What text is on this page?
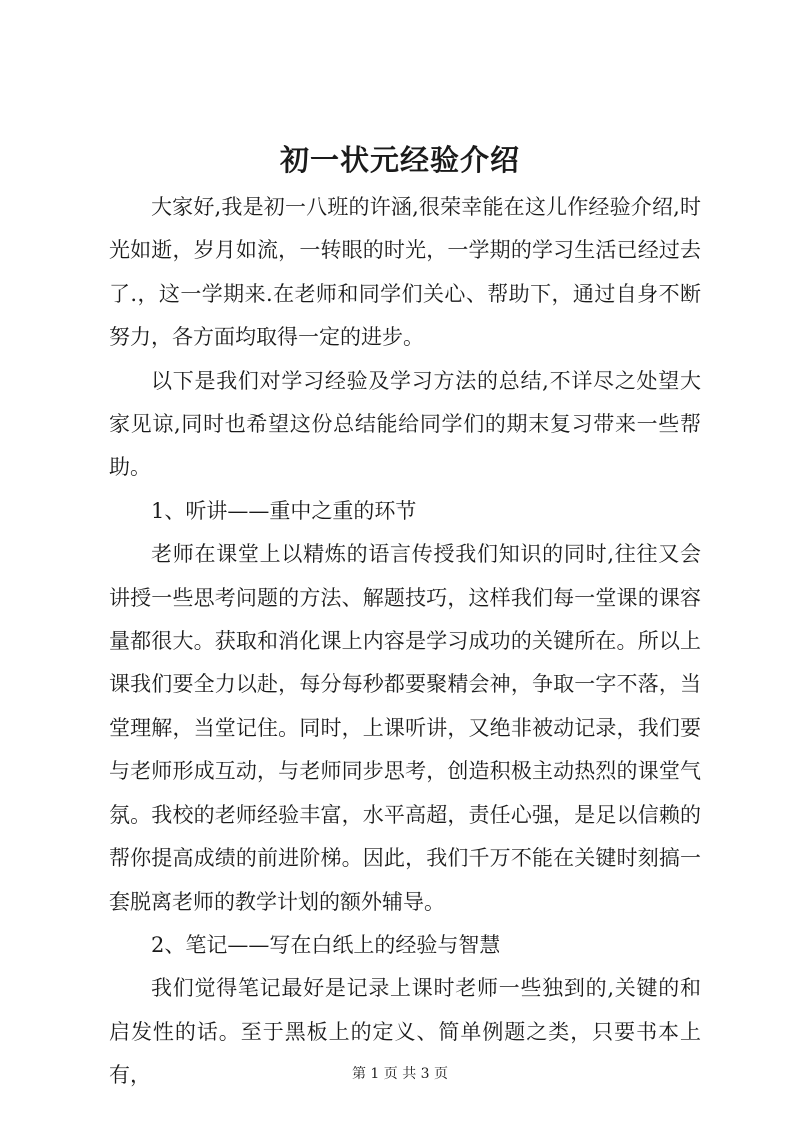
初一状元经验介绍

大家好,我是初一八班的许涵,很荣幸能在这儿作经验介绍,时光如逝，岁月如流，一转眼的时光，一学期的学习生活已经过去了.，这一学期来.在老师和同学们关心、帮助下，通过自身不断努力，各方面均取得一定的进步。

以下是我们对学习经验及学习方法的总结,不详尽之处望大家见谅,同时也希望这份总结能给同学们的期末复习带来一些帮助。

1、听讲——重中之重的环节

老师在课堂上以精炼的语言传授我们知识的同时,往往又会讲授一些思考问题的方法、解题技巧，这样我们每一堂课的课容量都很大。获取和消化课上内容是学习成功的关键所在。所以上课我们要全力以赴，每分每秒都要聚精会神，争取一字不落，当堂理解，当堂记住。同时，上课听讲，又绝非被动记录，我们要与老师形成互动，与老师同步思考，创造积极主动热烈的课堂气氛。我校的老师经验丰富，水平高超，责任心强，是足以信赖的帮你提高成绩的前进阶梯。因此，我们千万不能在关键时刻搞一套脱离老师的教学计划的额外辅导。

2、笔记——写在白纸上的经验与智慧

我们觉得笔记最好是记录上课时老师一些独到的,关键的和启发性的话。至于黑板上的定义、简单例题之类，只要书本上有，	第 1 页 共 3 页
